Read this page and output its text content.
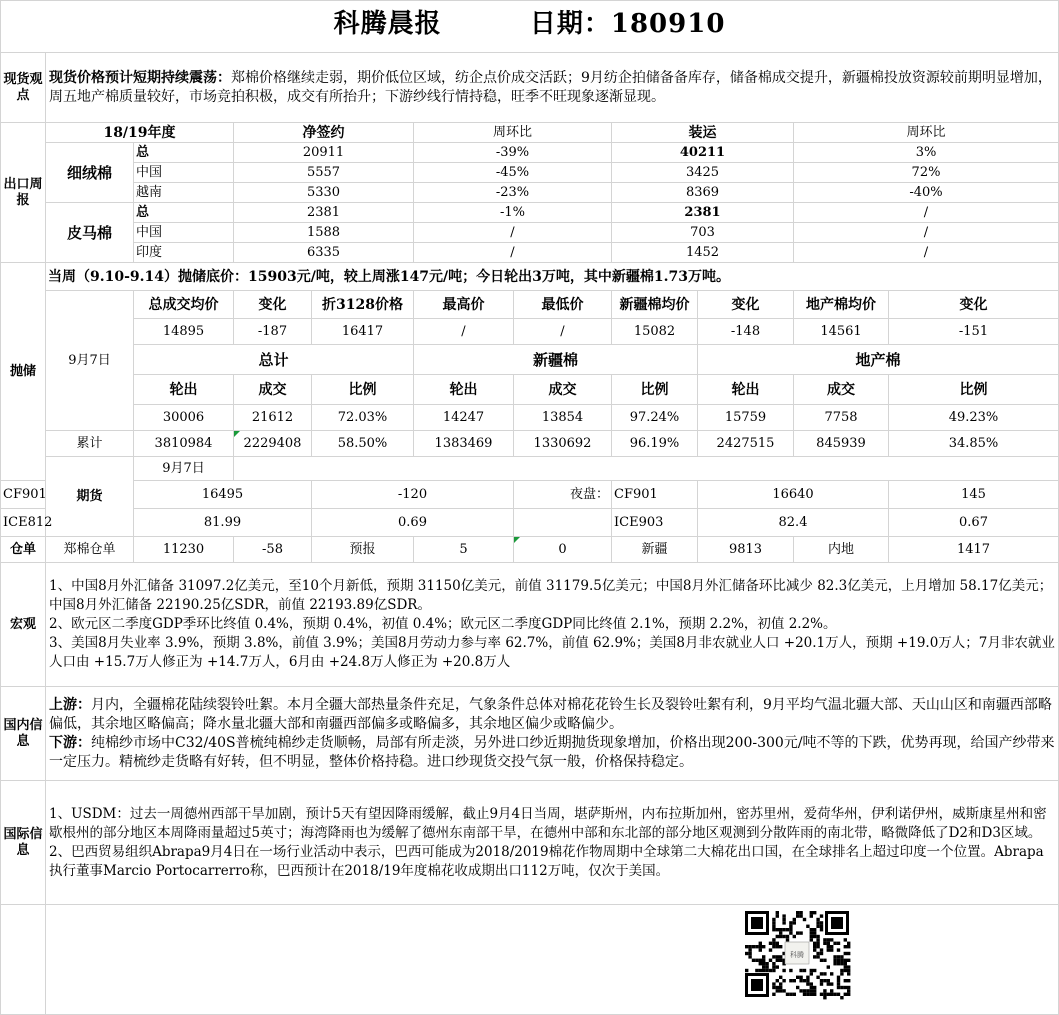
科腾晨报 日期：180910										
现货观点	现货价格预计短期持续震荡：郑棉价格继续走弱，期价低位区域，纺企点价成交活跃；9月纺企拍储备备库存，储备棉成交提升，新疆棉投放资源较前期明显增加，周五地产棉质量较好，市场竞拍积极，成交有所抬升；下游纱线行情持稳，旺季不旺现象逐渐显现。									
出口周报	18/19年度		净签约		周环比		装运		周环比	
	细绒棉	总	20911		-39%		40211		3%	
		中国	5557		-45%		3425		72%	
		越南	5330		-23%		8369		-40%	
	皮马棉	总	2381		-1%		2381		/	
		中国	1588		/		703		/	
		印度	6335		/		1452		/	
抛储	当周（9.10-9.14）抛储底价：15903元/吨，较上周涨147元/吨；今日轮出3万吨，其中新疆棉1.73万吨。									
	9月7日	总成交均价	变化	折3128价格	最高价	最低价	新疆棉均价	变化	地产棉均价	变化
		14895	-187	16417	/	/	15082	-148	14561	-151
		总计			新疆棉			地产棉		
		轮出	成交	比例	轮出	成交	比例	轮出	成交	比例
		30006	21612	72.03%	14247	13854	97.24%	15759	7758	49.23%
	累计	3810984	2229408	58.50%	1383469	1330692	96.19%	2427515	845939	34.85%
	期货	9月7日								
CF901		16495		-120		夜盘：	CF901	16640		145
ICE812		81.99		0.69			ICE903	82.4		0.67
仓单	郑棉仓单	11230	-58	预报	5	0	新疆	9813	内地	1417
宏观	1、中国8月外汇储备 31097.2亿美元，至10个月新低，预期 31150亿美元，前值 31179.5亿美元；中国8月外汇储备环比减少 82.3亿美元，上月增加 58.17亿美元；中国8月外汇储备 22190.25亿SDR，前值 22193.89亿SDR。
2、欧元区二季度GDP季环比终值 0.4%，预期 0.4%，初值 0.4%；欧元区二季度GDP同比终值 2.1%，预期 2.2%，初值 2.2%。
3、美国8月失业率 3.9%，预期 3.8%，前值 3.9%；美国8月劳动力参与率 62.7%，前值 62.9%；美国8月非农就业人口 +20.1万人，预期 +19.0万人；7月非农就业人口由 +15.7万人修正为 +14.7万人，6月由 +24.8万人修正为 +20.8万人									

国内信息	上游：月内，全疆棉花陆续裂铃吐絮。本月全疆大部热量条件充足，气象条件总体对棉花花铃生长及裂铃吐絮有利，9月平均气温北疆大部、天山山区和南疆西部略偏低，其余地区略偏高；降水量北疆大部和南疆西部偏多或略偏多，其余地区偏少或略偏少。
下游：纯棉纱市场中C32/40S普梳纯棉纱走货顺畅，局部有所走淡，另外进口纱近期抛货现象增加，价格出现200-300元/吨不等的下跌，优势再现，给国产纱带来一定压力。精梳纱走货略有好转，但不明显，整体价格持稳。进口纱现货交投气氛一般，价格保持稳定。									

国际信息	1、USDM：过去一周德州西部干旱加剧，预计5天有望因降雨缓解，截止9月4日当周，堪萨斯州，内布拉斯加州，密苏里州，爱荷华州，伊利诺伊州，威斯康星州和密歇根州的部分地区本周降雨量超过5英寸；海湾降雨也为缓解了德州东南部干旱，在德州中部和东北部的部分地区观测到分散阵雨的南北带，略微降低了D2和D3区域。
2、巴西贸易组织Abrapa9月4日在一场行业活动中表示，巴西可能成为2018/2019棉花作物周期中全球第二大棉花出口国，在全球排名上超过印度一个位置。Abrapa执行董事Marcio Portocarrerro称，巴西预计在2018/19年度棉花收成期出口112万吨，仅次于美国。									

科腾
